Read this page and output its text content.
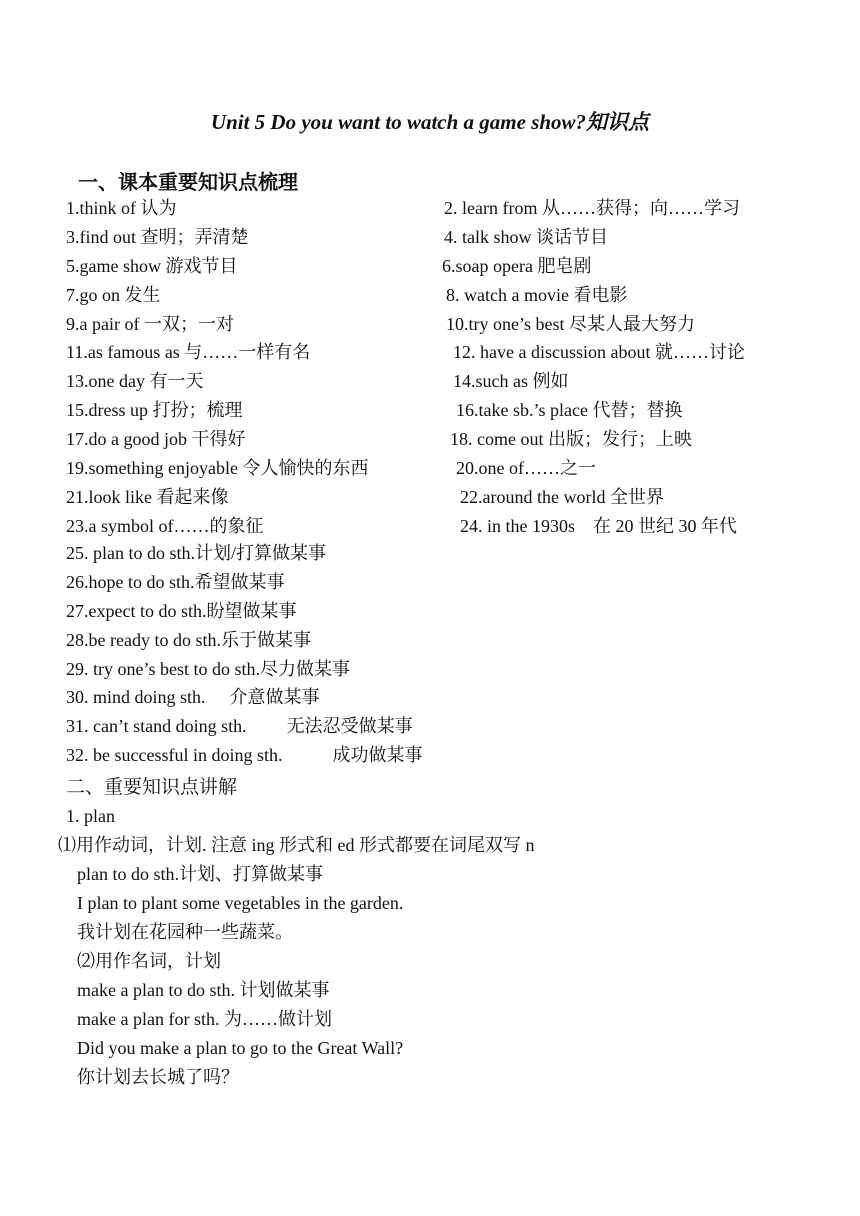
Unit 5 Do you want to watch a game show?知识点
一、课本重要知识点梳理
1.think of 认为	2. learn from 从……获得；向……学习
3.find out 查明；弄清楚	4. talk show 谈话节目
5.game show 游戏节目	6.soap opera 肥皂剧
7.go on 发生	8. watch a movie 看电影
9.a pair of 一双；一对	10.try one’s best 尽某人最大努力
11.as famous as 与……一样有名	12. have a discussion about 就……讨论
13.one day 有一天	14.such as 例如
15.dress up 打扮；梳理	16.take sb.’s place 代替；替换
17.do a good job 干得好	18. come out 出版；发行；上映
19.something enjoyable 令人愉快的东西	20.one of……之一
21.look like 看起来像	22.around the world 全世界
23.a symbol of……的象征	24. in the 1930s　在 20 世纪 30 年代
25. plan to do sth.计划/打算做某事
26.hope to do sth.希望做某事
27.expect to do sth.盼望做某事
28.be ready to do sth.乐于做某事
29. try one’s best to do sth.尽力做某事
30. mind doing sth. 介意做某事
31. can’t stand doing sth. 无法忍受做某事
32. be successful in doing sth.	成功做某事
二、重要知识点讲解
1. plan
⑴用作动词，计划. 注意 ing 形式和 ed 形式都要在词尾双写 n
plan to do sth.计划、打算做某事
I plan to plant some vegetables in the garden.
我计划在花园种一些蔬菜。
⑵用作名词，计划
make a plan to do sth. 计划做某事
make a plan for sth. 为……做计划
Did you make a plan to go to the Great Wall?
你计划去长城了吗？
